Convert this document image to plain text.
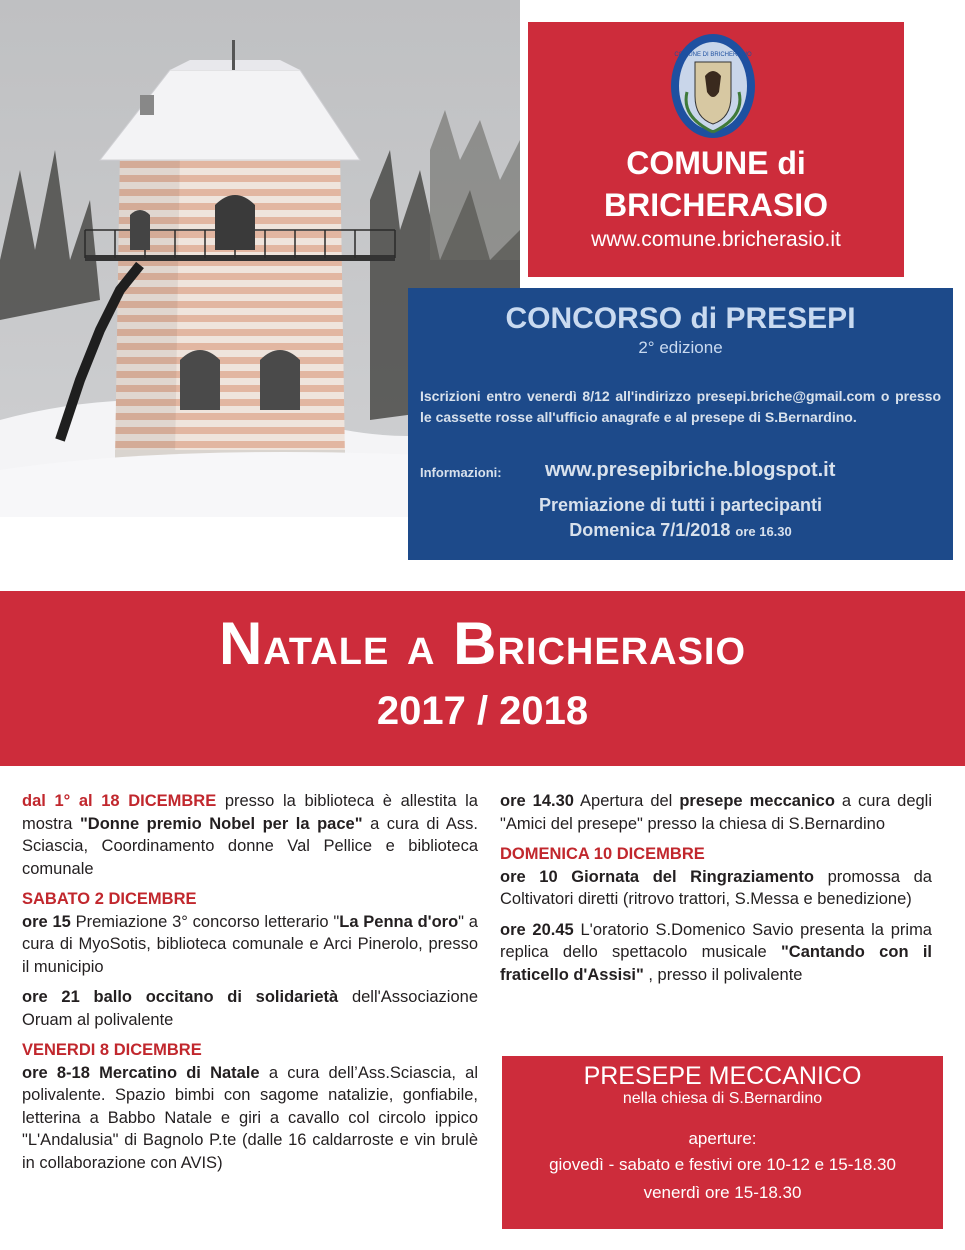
COMUNE DI BRICHERASIO
COMUNE di
BRICHERASIO
www.comune.bricherasio.it
CONCORSO di PRESEPI
2° edizione
Iscrizioni entro venerdì 8/12 all'indirizzo presepi.briche@gmail.com o presso le cassette rosse all'ufficio anagrafe e al presepe di S.Bernardino.
Informazioni: www.presepibriche.blogspot.it
Premiazione di tutti i partecipanti
Domenica 7/1/2018 ore 16.30
NATALE A BRICHERASIO
2017 / 2018

dal 1° al 18 DICEMBRE presso la biblioteca è allestita la mostra "Donne premio Nobel per la pace" a cura di Ass. Sciascia, Coordinamento donne Val Pellice e biblioteca comunale

SABATO 2 DICEMBRE

ore 15 Premiazione 3° concorso letterario "La Penna d'oro" a cura di MyoSotis, biblioteca comunale e Arci Pinerolo, presso il municipio

ore 21 ballo occitano di solidarietà dell'Associazione Oruam al polivalente

VENERDI 8 DICEMBRE

ore 8-18 Mercatino di Natale a cura dell’Ass.Sciascia, al polivalente. Spazio bimbi con sagome natalizie, gonfiabile, letterina a Babbo Natale e giri a cavallo col circolo ippico "L'Andalusia" di Bagnolo P.te (dalle 16 caldarroste e vin brulè in collaborazione con AVIS)

ore 14.30 Apertura del presepe meccanico a cura degli "Amici del presepe" presso la chiesa di S.Bernardino

DOMENICA 10 DICEMBRE

ore 10 Giornata del Ringraziamento promossa da Coltivatori diretti (ritrovo trattori, S.Messa e benedizione)

ore 20.45 L'oratorio S.Domenico Savio presenta la prima replica dello spettacolo musicale "Cantando con il fraticello d'Assisi" , presso il polivalente

PRESEPE MECCANICO
nella chiesa di S.Bernardino
aperture:
giovedì - sabato e festivi ore 10-12 e 15-18.30
venerdì ore 15-18.30
